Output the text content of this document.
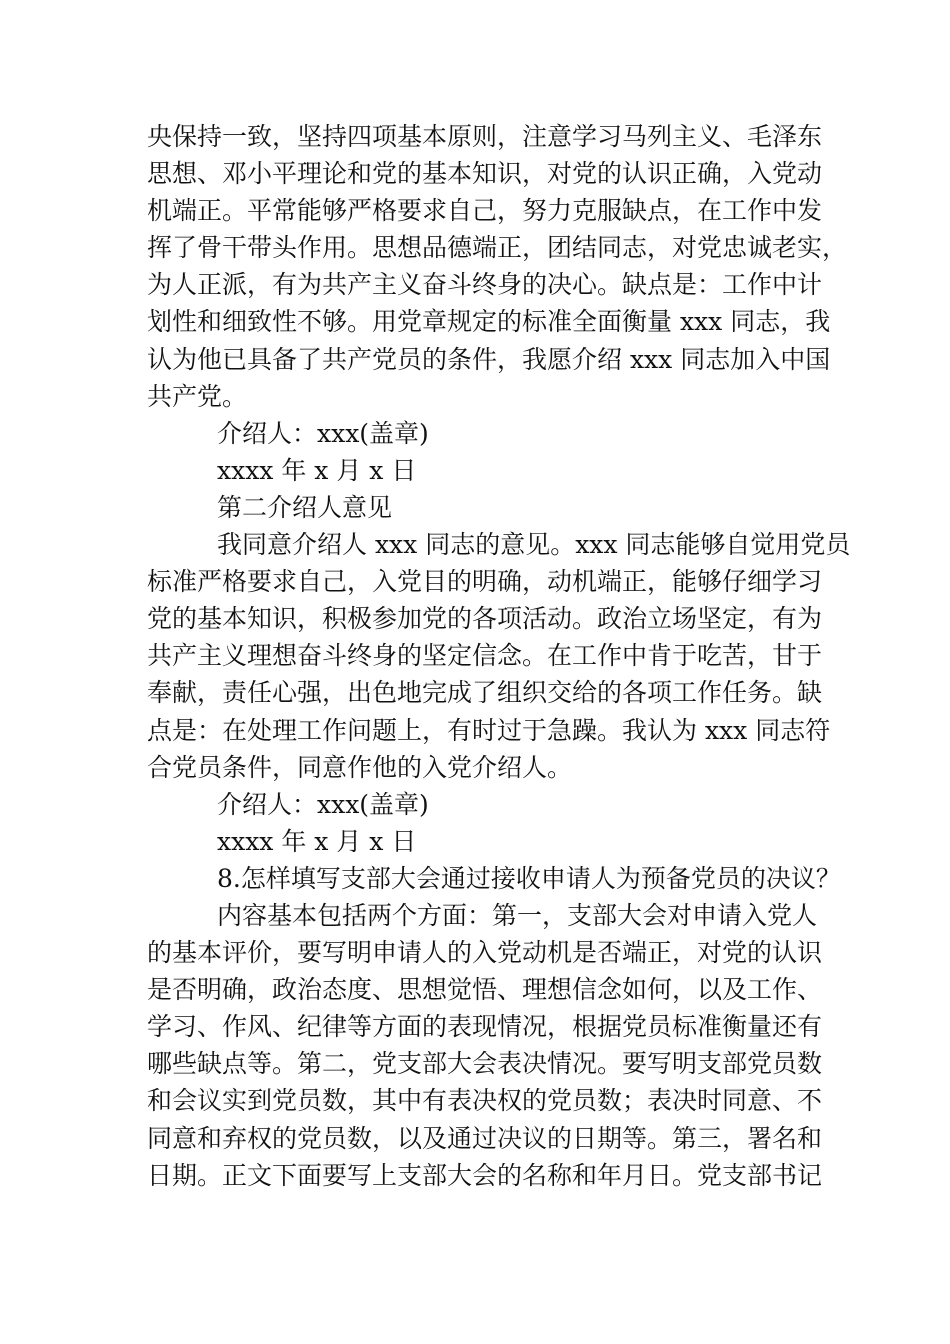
央保持一致，坚持四项基本原则，注意学习马列主义、毛泽东
思想、邓小平理论和党的基本知识，对党的认识正确，入党动
机端正。平常能够严格要求自己，努力克服缺点，在工作中发
挥了骨干带头作用。思想品德端正，团结同志，对党忠诚老实，
为人正派，有为共产主义奋斗终身的决心。缺点是：工作中计
划性和细致性不够。用党章规定的标准全面衡量 xxx 同志，我
认为他已具备了共产党员的条件，我愿介绍 xxx 同志加入中国
共产党。
介绍人：xxx(盖章)
xxxx 年 x 月 x 日
第二介绍人意见
我同意介绍人 xxx 同志的意见。xxx 同志能够自觉用党员
标准严格要求自己，入党目的明确，动机端正，能够仔细学习
党的基本知识，积极参加党的各项活动。政治立场坚定，有为
共产主义理想奋斗终身的坚定信念。在工作中肯于吃苦，甘于
奉献，责任心强，出色地完成了组织交给的各项工作任务。缺
点是：在处理工作问题上，有时过于急躁。我认为 xxx 同志符
合党员条件，同意作他的入党介绍人。
介绍人：xxx(盖章)
xxxx 年 x 月 x 日
8.怎样填写支部大会通过接收申请人为预备党员的决议？
内容基本包括两个方面：第一，支部大会对申请入党人
的基本评价，要写明申请人的入党动机是否端正，对党的认识
是否明确，政治态度、思想觉悟、理想信念如何，以及工作、
学习、作风、纪律等方面的表现情况，根据党员标准衡量还有
哪些缺点等。第二，党支部大会表决情况。要写明支部党员数
和会议实到党员数，其中有表决权的党员数；表决时同意、不
同意和弃权的党员数，以及通过决议的日期等。第三，署名和
日期。正文下面要写上支部大会的名称和年月日。党支部书记
